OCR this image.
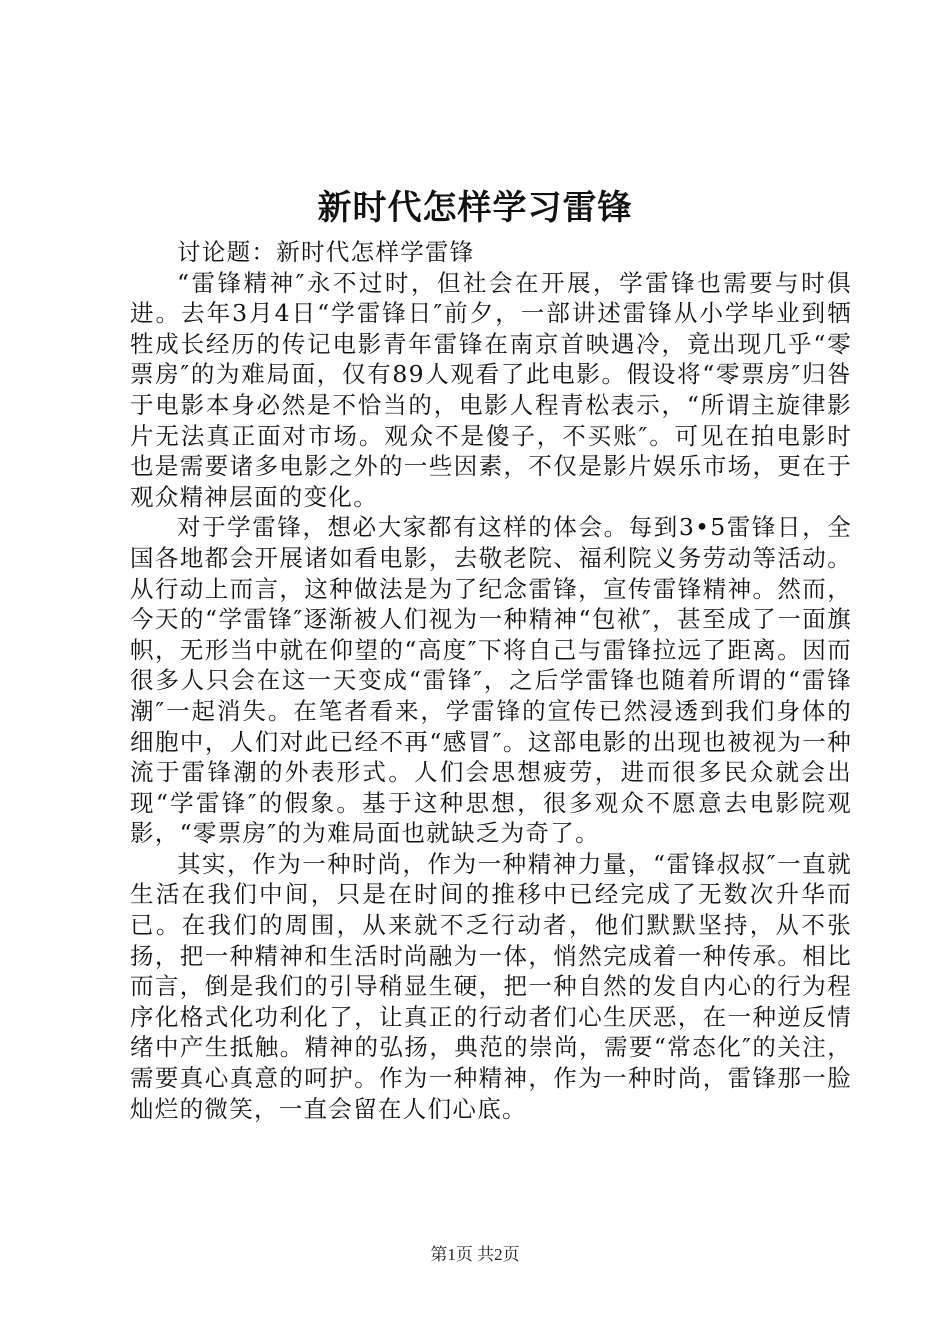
新时代怎样学习雷锋

讨论题：新时代怎样学雷锋

“雷锋精神″永不过时，但社会在开展，学雷锋也需要与时俱进。去年3月4日“学雷锋日″前夕，一部讲述雷锋从小学毕业到牺牲成长经历的传记电影青年雷锋在南京首映遇冷，竟出现几乎“零票房″的为难局面，仅有89人观看了此电影。假设将“零票房″归咎于电影本身必然是不恰当的，电影人程青松表示，“所谓主旋律影片无法真正面对市场。观众不是傻子，不买账″。可见在拍电影时也是需要诸多电影之外的一些因素，不仅是影片娱乐市场，更在于观众精神层面的变化。

对于学雷锋，想必大家都有这样的体会。每到3•5雷锋日，全国各地都会开展诸如看电影，去敬老院、福利院义务劳动等活动。从行动上而言，这种做法是为了纪念雷锋，宣传雷锋精神。然而，今天的“学雷锋″逐渐被人们视为一种精神“包袱″，甚至成了一面旗帜，无形当中就在仰望的“高度″下将自己与雷锋拉远了距离。因而很多人只会在这一天变成“雷锋″，之后学雷锋也随着所谓的“雷锋潮″一起消失。在笔者看来，学雷锋的宣传已然浸透到我们身体的细胞中，人们对此已经不再“感冒″。这部电影的出现也被视为一种流于雷锋潮的外表形式。人们会思想疲劳，进而很多民众就会出现“学雷锋″的假象。基于这种思想，很多观众不愿意去电影院观影，“零票房″的为难局面也就缺乏为奇了。

其实，作为一种时尚，作为一种精神力量，“雷锋叔叔″一直就生活在我们中间，只是在时间的推移中已经完成了无数次升华而已。在我们的周围，从来就不乏行动者，他们默默坚持，从不张扬，把一种精神和生活时尚融为一体，悄然完成着一种传承。相比而言，倒是我们的引导稍显生硬，把一种自然的发自内心的行为程序化格式化功利化了，让真正的行动者们心生厌恶，在一种逆反情绪中产生抵触。精神的弘扬，典范的崇尚，需要“常态化″的关注，需要真心真意的呵护。作为一种精神，作为一种时尚，雷锋那一脸灿烂的微笑，一直会留在人们心底。

第1页 共2页
